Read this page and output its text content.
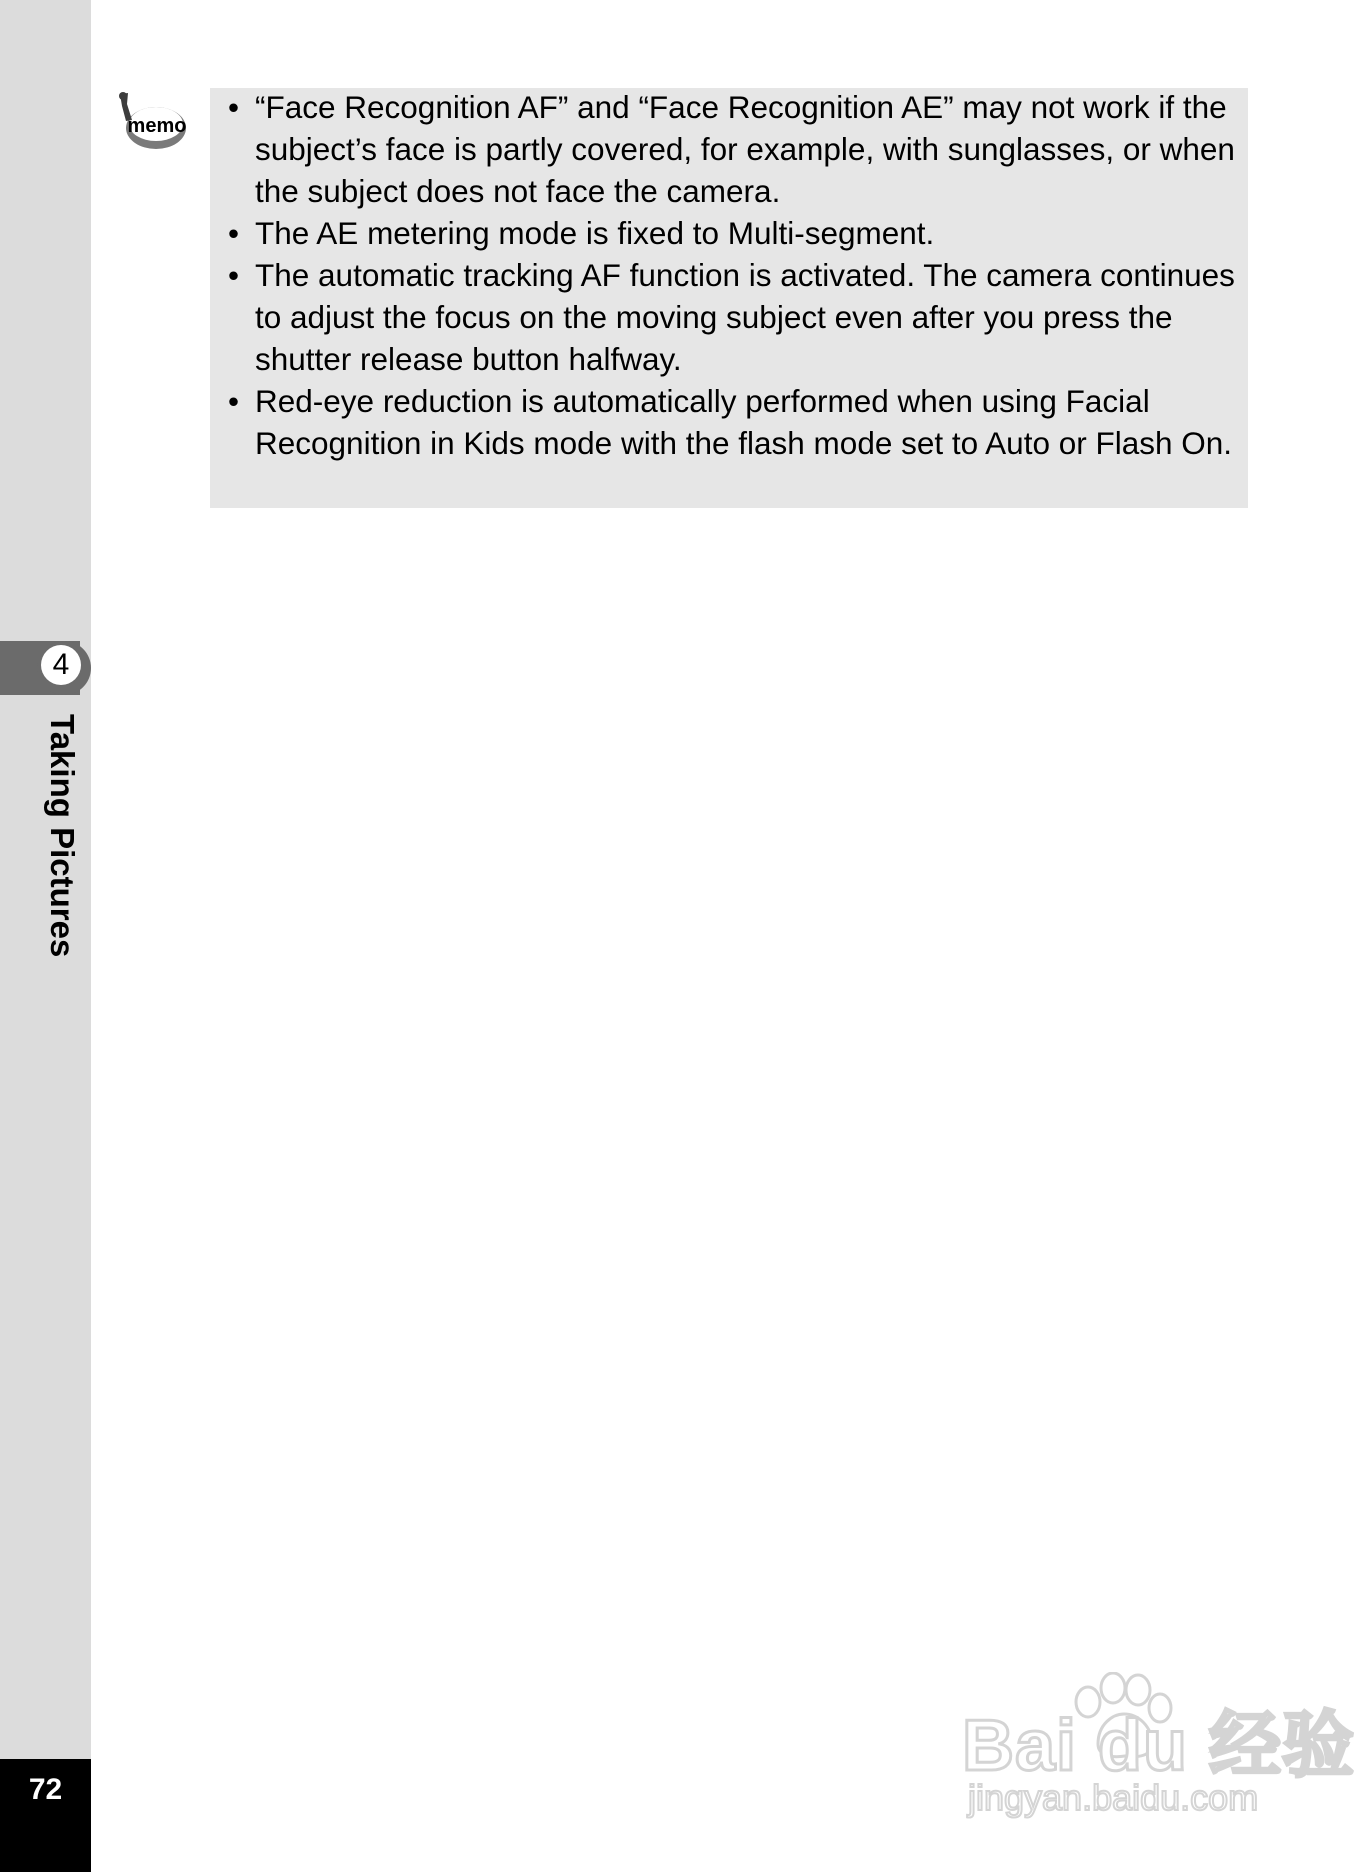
4
Taking Pictures
72
memo
• “Face Recognition AF” and “Face Recognition AE” may not work if the subject’s face is partly covered, for example, with sunglasses, or when the subject does not face the camera.
• The AE metering mode is fixed to Multi-segment.
• The automatic tracking AF function is activated. The camera continues to adjust the focus on the moving subject even after you press the shutter release button halfway.
• Red-eye reduction is automatically performed when using Facial Recognition in Kids mode with the flash mode set to Auto or Flash On.
Bai du 经验
jingyan.baidu.com
